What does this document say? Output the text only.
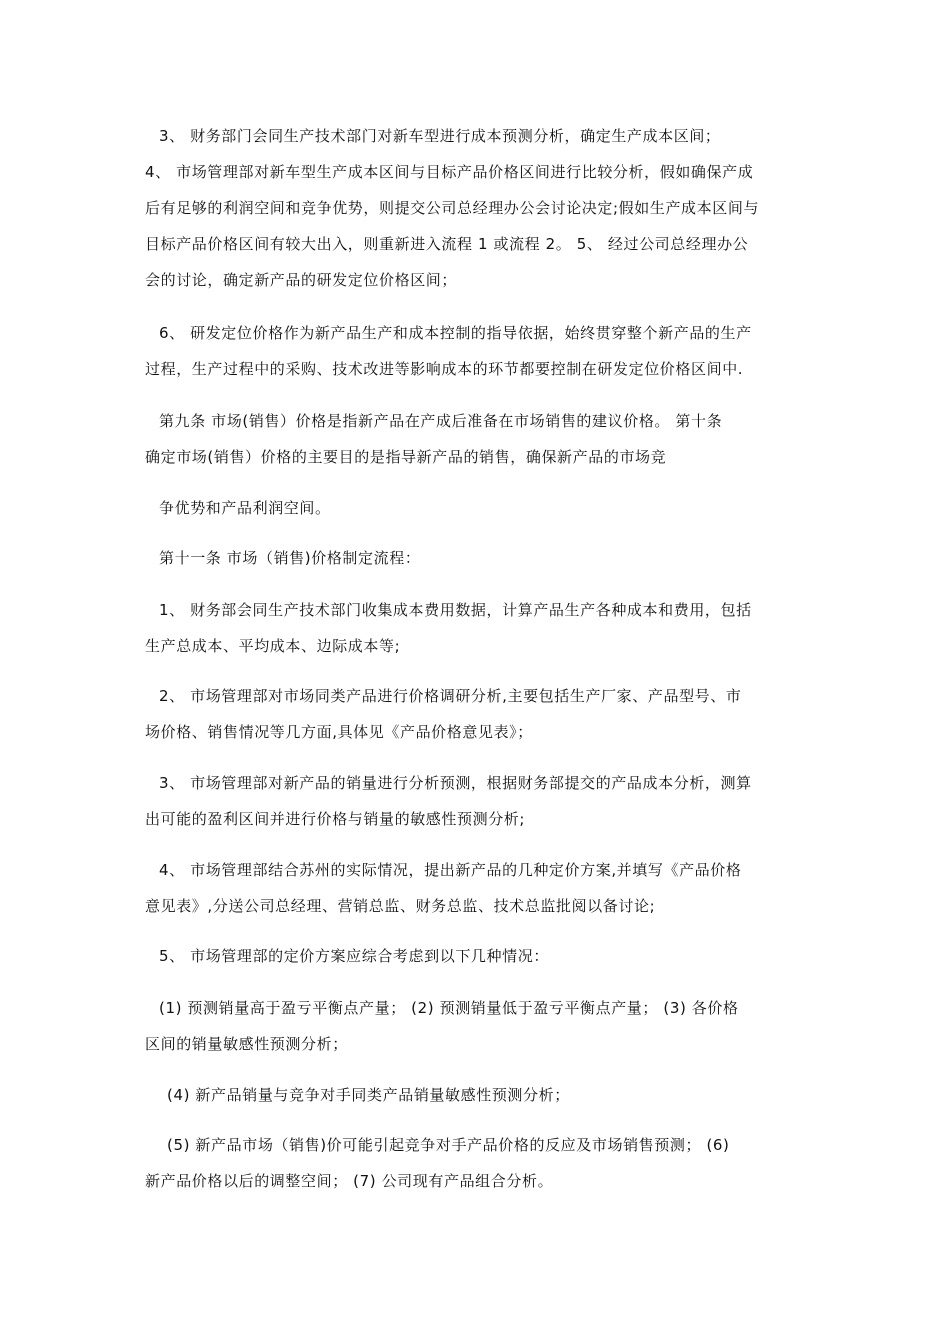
3、 财务部门会同生产技术部门对新车型进行成本预测分析，确定生产成本区间；
4、 市场管理部对新车型生产成本区间与目标产品价格区间进行比较分析，假如确保产成
后有足够的利润空间和竞争优势，则提交公司总经理办公会讨论决定;假如生产成本区间与
目标产品价格区间有较大出入，则重新进入流程 1 或流程 2。 5、 经过公司总经理办公
会的讨论，确定新产品的研发定位价格区间；
6、 研发定位价格作为新产品生产和成本控制的指导依据，始终贯穿整个新产品的生产
过程，生产过程中的采购、技术改进等影响成本的环节都要控制在研发定位价格区间中.
第九条 市场(销售）价格是指新产品在产成后准备在市场销售的建议价格。 第十条
确定市场(销售）价格的主要目的是指导新产品的销售，确保新产品的市场竞
争优势和产品利润空间。
第十一条 市场（销售)价格制定流程：
1、 财务部会同生产技术部门收集成本费用数据，计算产品生产各种成本和费用，包括
生产总成本、平均成本、边际成本等;
2、 市场管理部对市场同类产品进行价格调研分析,主要包括生产厂家、产品型号、市
场价格、销售情况等几方面,具体见《产品价格意见表》；
3、 市场管理部对新产品的销量进行分析预测，根据财务部提交的产品成本分析，测算
出可能的盈利区间并进行价格与销量的敏感性预测分析;
4、 市场管理部结合苏州的实际情况，提出新产品的几种定价方案,并填写《产品价格
意见表》,分送公司总经理、营销总监、财务总监、技术总监批阅以备讨论;
5、 市场管理部的定价方案应综合考虑到以下几种情况：
(1) 预测销量高于盈亏平衡点产量； (2) 预测销量低于盈亏平衡点产量； (3) 各价格
区间的销量敏感性预测分析；
(4) 新产品销量与竞争对手同类产品销量敏感性预测分析；
(5) 新产品市场（销售)价可能引起竞争对手产品价格的反应及市场销售预测； (6)
新产品价格以后的调整空间； (7) 公司现有产品组合分析。
